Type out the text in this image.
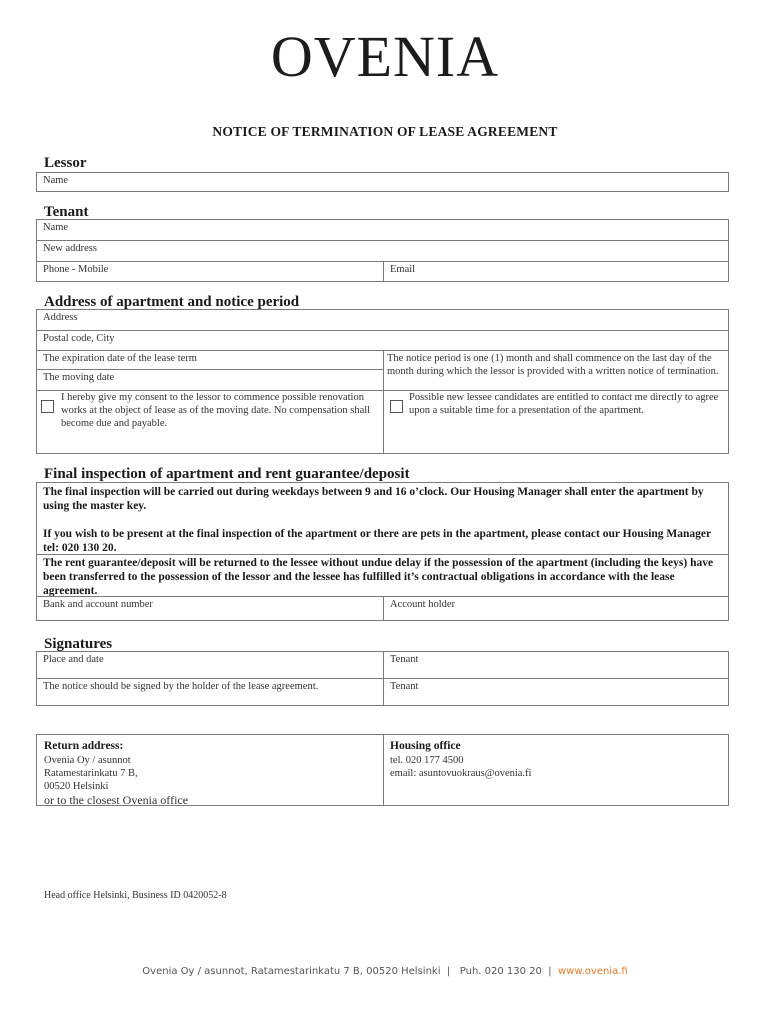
OVENIA
NOTICE OF TERMINATION OF LEASE AGREEMENT
Lessor
Name
Tenant
Name
New address
Phone - Mobile	Email
Address of apartment and notice period
Address
Postal code, City
The expiration date of the lease term
The moving date
The notice period is one (1) month and shall commence on the last day of the month during which the lessor is provided with a written notice of termination.
I hereby give my consent to the lessor to commence possible renovation works at the object of lease as of the moving date. No compensation shall become due and payable.
Possible new lessee candidates are entitled to contact me directly to agree upon a suitable time for a presentation of the apartment.
Final inspection of apartment and rent guarantee/deposit
The final inspection will be carried out during weekdays between 9 and 16 o’clock. Our Housing Manager shall enter the apartment by using the master key.
If you wish to be present at the final inspection of the apartment or there are pets in the apartment, please contact our Housing Manager tel: 020 130 20.
The rent guarantee/deposit will be returned to the lessee without undue delay if the possession of the apartment (including the keys) have been transferred to the possession of the lessor and the lessee has fulfilled it’s contractual obligations in accordance with the lease agreement.
Bank and account number	Account holder
Signatures
Place and date	Tenant
The notice should be signed by the holder of the lease agreement.	Tenant
Return address:
Ovenia Oy / asunnot
Ratamestarinkatu 7 B,
00520 Helsinki
or to the closest Ovenia office
Housing office
tel. 020 177 4500
email: asuntovuokraus@ovenia.fi
Head office Helsinki, Business ID 0420052-8
Ovenia Oy / asunnot, Ratamestarinkatu 7 B, 00520 Helsinki  |   Puh. 020 130 20  |  www.ovenia.fi
